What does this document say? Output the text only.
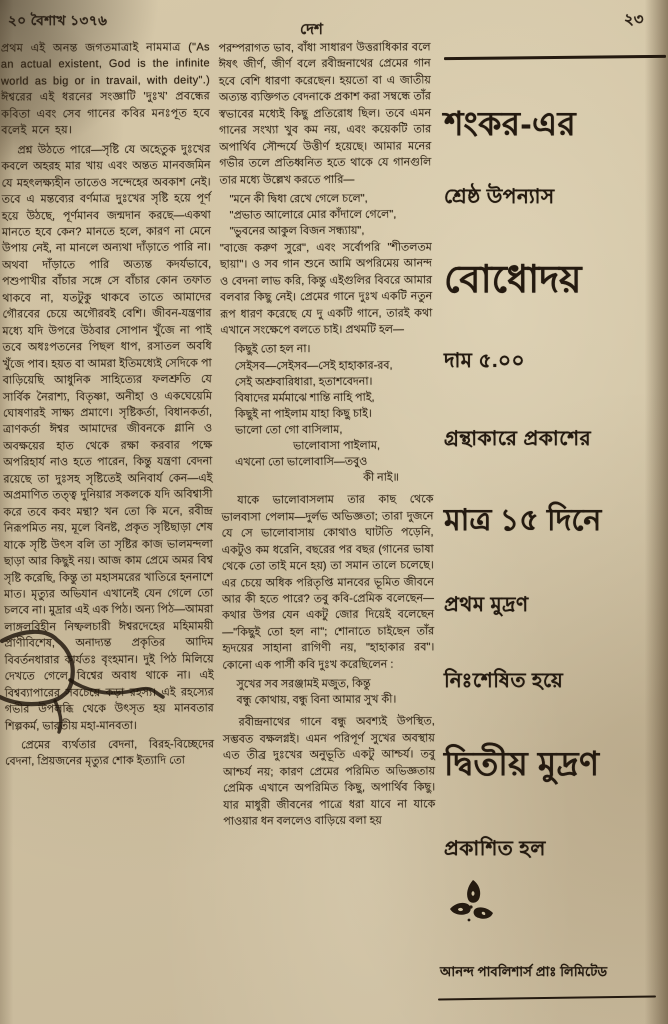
২০ বৈশাখ ১৩৭৬
দেশ
২৩

প্রথম এই অনন্ত জগতমাত্রাই নামমাত্র ("As an actual existent, God is the infinite world as big or in travail, with deity".) ঈশ্বরের এই ধরনের সংজ্ঞাটি 'দুঃখ' প্রবন্ধের কবিতা এবং সেব গানের কবির মনঃপূত হবে বলেই মনে হয়।

প্রশ্ন উঠতে পারে—সৃষ্টি যে অহেতুক দুঃখের কবলে অহরহ মার খায় এবং অন্তত মানবজমিন যে মহৎলক্ষ্যহীন তাতেও সন্দেহের অবকাশ নেই। তবে এ মন্তব্যের বর্ণমাত্র দুঃখের সৃষ্টি হয়ে পূর্ণ হয়ে উঠছে, পূর্ণমানব জন্মদান করছে—একথা মানতে হবে কেন? মানতে হলে, কারণ না মেনে উপায় নেই, না মানলে অন্যথা দাঁড়াতে পারি না। অথবা দাঁড়াতে পারি অত্যন্ত কদর্যভাবে, পশুপাখীর বাঁচার সঙ্গে সে বাঁচার কোন তফাত থাকবে না, যতটুকু থাকবে তাতে আমাদের গৌরবের চেয়ে অগৌরবই বেশি। জীবন-যন্ত্রণার মধ্যে যদি উপরে উঠবার সোপান খুঁজে না পাই তবে অধঃপতনের পিছল ধাপ, রসাতল অবধি খুঁজে পাব। হয়ত বা আমরা ইতিমধ্যেই সেদিকে পা বাড়িয়েছি আধুনিক সাহিত্যের ফলশ্রুতি যে সার্বিক নৈরাশ্য, বিতৃষ্ণা, অনীহা ও একঘেয়েমি ঘোষণারই সাক্ষ্য প্রমাণে। সৃষ্টিকর্তা, বিধানকর্তা, ত্রাণকর্তা ঈশ্বর আমাদের জীবনকে গ্লানি ও অবক্ষয়ের হাত থেকে রক্ষা করবার পক্ষে অপরিহার্য নাও হতে পারেন, কিন্তু যন্ত্রণা বেদনা রয়েছে তা দুঃসহ সৃষ্টিতেই অনিবার্য কেন—এই অপ্রমাণিত তত্ত্ব দুনিয়ার সকলকে যদি অবিশ্বাসী করে তবে কবং মন্থা? খন তো কি মনে, রবীন্দ্র নিরূপমিত নয়, মূলে বিনষ্ট, প্রকৃত সৃষ্টিছাড়া শেষ যাকে সৃষ্টি উৎস বলি তা সৃষ্টির কাজ ভালমন্দলা ছাড়া আর কিছুই নয়। আজ কাম প্রেমে অমর বিশ্ব সৃষ্টি করেছি, কিন্তু তা মহাসমরের খাতিরে হননাশে মাত। মৃত্যুর অভিযান এখানেই যেন গেলে তো চলবে না। মুদ্রার এই এক পিঠ। অন্য পিঠ—আমরা লাঙ্গলবিহীন নিষ্ফলচারী ঈশ্বরদেহের মহিমাময়ী প্রাণীবিশেষ, অনাদ্যন্ত প্রকৃতির আদিম বিবর্তনধারার কার্যতঃ বৃংহমান। দুই পিঠ মিলিয়ে দেখতে গেলে বিশ্বের অবাধ থাকে না। এই বিশ্বব্যাপারের সবচেয়ে কড়া রহস্য। এই রহস্যের গভীর উপলব্ধি থেকে উৎসৃত হয় মানবতার শিল্পকর্ম, ভারতীয় মহা-মানবতা।

প্রেমের ব্যর্থতার বেদনা, বিরহ-বিচ্ছেদের বেদনা, প্রিয়জনের মৃত্যুর শোক ইত্যাদি তো

পরম্পরাগত ভাব, বাঁধা সাধারণ উত্তরাধিকার বলে ঈষৎ জীর্ণ, জীর্ণ বলে রবীন্দ্রনাথের প্রেমের গান হবে বেশি ধারণা করেছেন। হয়তো বা এ জাতীয় অত্যন্ত ব্যক্তিগত বেদনাকে প্রকাশ করা সম্বন্ধে তাঁর স্বভাবের মধ্যেই কিছু প্রতিরোধ ছিল। তবে এমন গানের সংখ্যা খুব কম নয়, এবং কয়েকটি তার অপার্থিব সৌন্দর্যে উত্তীর্ণ হয়েছে। আমার মনের গভীর তলে প্রতিধ্বনিত হতে থাকে যে গানগুলি তার মধ্যে উল্লেখ করতে পারি—

"মনে কী দ্বিধা রেখে গেলে চলে",
"প্রভাত আলোরে মোর কাঁদালে গেলে",
"ভুবনের আকুল বিজন সন্ধ্যায়",

"বাজে করুণ সুরে", এবং সর্বোপরি "শীতলতম ছায়া"। ও সব গান শুনে আমি অপরিমেয় আনন্দ ও বেদনা লাভ করি, কিন্তু এইগুলির বিবরে আমার বলবার কিছু নেই। প্রেমের গানে দুঃখ একটি নতুন রূপ ধারণ করেছে যে দু একটি গানে, তারই কথা এখানে সংক্ষেপে বলতে চাই। প্রথমটি হল—

কিছুই তো হল না।
সেইসব—সেইসব—সেই হাহাকার-রব,
সেই অশ্রুবারিধারা, হতাশবেদনা।
বিষাদের মর্মমাঝে শান্তি নাহি পাই,
কিছুই না পাইলাম যাহা কিছু চাই।
ভালো তো গো বাসিলাম,
ভালোবাসা পাইলাম,
এখনো তো ভালোবাসি—তবুও
কী নাই॥

যাকে ভালোবাসলাম তার কাছ থেকে ভালবাসা পেলাম—দুর্লভ অভিজ্ঞতা; তারা দুজনে যে সে ভালোবাসায় কোথাও ঘাটতি পড়েনি, একটুও কম ধরেনি, বছরের পর বছর (গানের ভাষা থেকে তো তাই মনে হয়) তা সমান তালে চলেছে। এর চেয়ে অধিক পরিতৃপ্তি মানবের ভূমিত জীবনে আর কী হতে পারে? তবু কবি-প্রেমিক বলেছেন—কথার উপর যেন একটু জোর দিয়েই বলেছেন—"কিছুই তো হল না"; শোনাতে চাইছেন তাঁর হৃদয়ের সাহানা রাগিণী নয়, "হাহাকার রব"। কোনো এক পার্সী কবি দুঃখ করেছিলেন :

সুখের সব সরঞ্জামই মজুত, কিন্তু
বন্ধু কোথায়, বন্ধু বিনা আমার সুখ কী।

রবীন্দ্রনাথের গানে বন্ধু অবশ্যই উপস্থিত, সম্ভবত বক্ষলগ্নই। এমন পরিপূর্ণ সুখের অবস্থায় এত তীব্র দুঃখের অনুভূতি একটু আশ্চর্য। তবু আশ্চর্য নয়; কারণ প্রেমের পরিমিত অভিজ্ঞতায় প্রেমিক এখানে অপরিমিত কিছু, অপার্থিব কিছু। যার মাধুরী জীবনের পাত্রে ধরা যাবে না যাকে পাওয়ার ধন বললেও বাড়িয়ে বলা হয়

শংকর-এর
শ্রেষ্ঠ উপন্যাস
বোধোদয়
দাম ৫.০০
গ্রন্থাকারে প্রকাশের
মাত্র ১৫ দিনে
প্রথম মুদ্রণ
নিঃশেষিত হয়ে
দ্বিতীয় মুদ্রণ
প্রকাশিত হল
আনন্দ পাবলিশার্স প্রাঃ লিমিটেড
